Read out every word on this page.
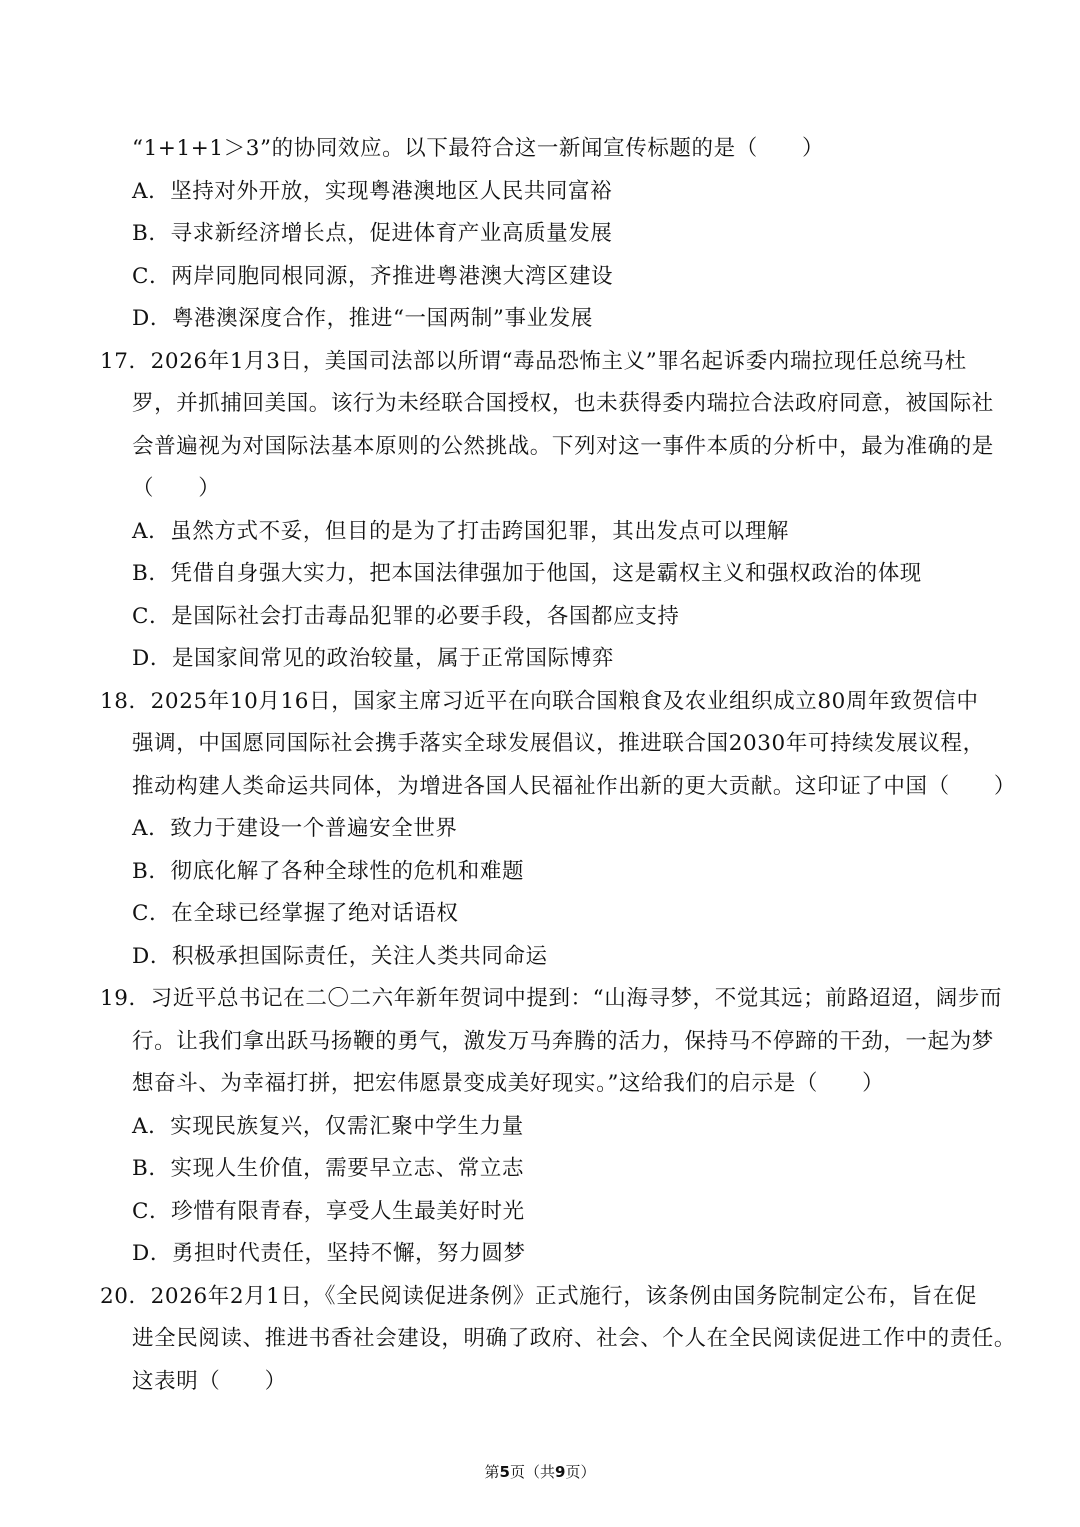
“1+1+1＞3”的协同效应。以下最符合这一新闻宣传标题的是（　　）
A．坚持对外开放，实现粤港澳地区人民共同富裕
B．寻求新经济增长点，促进体育产业高质量发展
C．两岸同胞同根同源，齐推进粤港澳大湾区建设
D．粤港澳深度合作，推进“一国两制”事业发展
17．2026年1月3日，美国司法部以所谓“毒品恐怖主义”罪名起诉委内瑞拉现任总统马杜
罗，并抓捕回美国。该行为未经联合国授权，也未获得委内瑞拉合法政府同意，被国际社
会普遍视为对国际法基本原则的公然挑战。下列对这一事件本质的分析中，最为准确的是
（　　）
A．虽然方式不妥，但目的是为了打击跨国犯罪，其出发点可以理解
B．凭借自身强大实力，把本国法律强加于他国，这是霸权主义和强权政治的体现
C．是国际社会打击毒品犯罪的必要手段，各国都应支持
D．是国家间常见的政治较量，属于正常国际博弈
18．2025年10月16日，国家主席习近平在向联合国粮食及农业组织成立80周年致贺信中
强调，中国愿同国际社会携手落实全球发展倡议，推进联合国2030年可持续发展议程，
推动构建人类命运共同体，为增进各国人民福祉作出新的更大贡献。这印证了中国（　　）
A．致力于建设一个普遍安全世界
B．彻底化解了各种全球性的危机和难题
C．在全球已经掌握了绝对话语权
D．积极承担国际责任，关注人类共同命运
19．习近平总书记在二〇二六年新年贺词中提到：“山海寻梦，不觉其远；前路迢迢，阔步而
行。让我们拿出跃马扬鞭的勇气，激发万马奔腾的活力，保持马不停蹄的干劲，一起为梦
想奋斗、为幸福打拼，把宏伟愿景变成美好现实。”这给我们的启示是（　　）
A．实现民族复兴，仅需汇聚中学生力量
B．实现人生价值，需要早立志、常立志
C．珍惜有限青春，享受人生最美好时光
D．勇担时代责任，坚持不懈，努力圆梦
20．2026年2月1日，《全民阅读促进条例》正式施行，该条例由国务院制定公布，旨在促
进全民阅读、推进书香社会建设，明确了政府、社会、个人在全民阅读促进工作中的责任。
这表明（　　）
第5页（共9页）
